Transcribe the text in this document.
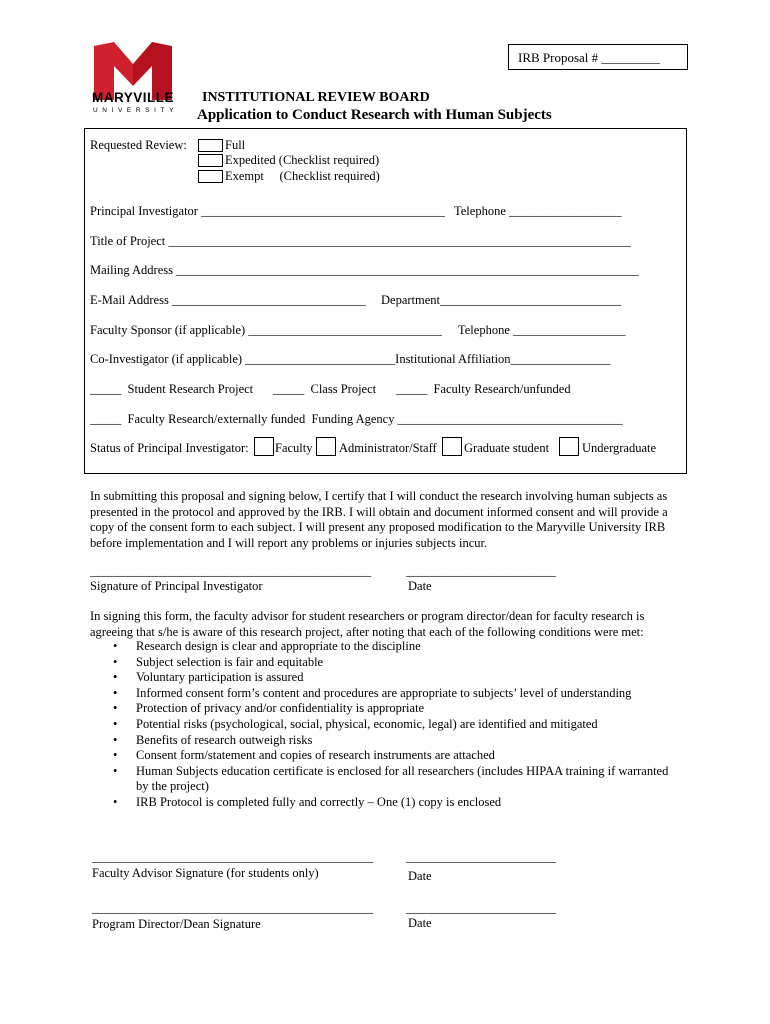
MARYVILLE
UNIVERSITY
IRB Proposal # _________
INSTITUTIONAL REVIEW BOARD
Application to Conduct Research with Human Subjects
Requested Review:	Full
Expedited (Checklist required)
Exempt     (Checklist required)
Principal Investigator _______________________________________ Telephone __________________
Title of Project __________________________________________________________________________
Mailing Address __________________________________________________________________________
E-Mail Address _______________________________ Department_____________________________
Faculty Sponsor (if applicable) _______________________________ Telephone __________________
Co-Investigator (if applicable) ________________________Institutional Affiliation________________
_____  Student Research Project _____  Class Project _____  Faculty Research/unfunded
_____  Faculty Research/externally funded  Funding Agency ____________________________________
Status of Principal Investigator: Faculty Administrator/Staff Graduate student	Undergraduate
In submitting this proposal and signing below, I certify that I will conduct the research involving human subjects as
presented in the protocol and approved by the IRB. I will obtain and document informed consent and will provide a
copy of the consent form to each subject. I will present any proposed modification to the Maryville University IRB
before implementation and I will report any problems or injuries subjects incur.
_____________________________________________	________________________
Signature of Principal Investigator	Date
In signing this form, the faculty advisor for student researchers or program director/dean for faculty research is
agreeing that s/he is aware of this research project, after noting that each of the following conditions were met:
• Research design is clear and appropriate to the discipline
• Subject selection is fair and equitable
• Voluntary participation is assured
• Informed consent form’s content and procedures are appropriate to subjects’ level of understanding
• Protection of privacy and/or confidentiality is appropriate
• Potential risks (psychological, social, physical, economic, legal) are identified and mitigated
• Benefits of research outweigh risks
• Consent form/statement and copies of research instruments are attached
• Human Subjects education certificate is enclosed for all researchers (includes HIPAA training if warranted
by the project)
• IRB Protocol is completed fully and correctly – One (1) copy is enclosed
_____________________________________________	________________________
Faculty Advisor Signature (for students only)	Date
_____________________________________________	________________________
Program Director/Dean Signature	Date
